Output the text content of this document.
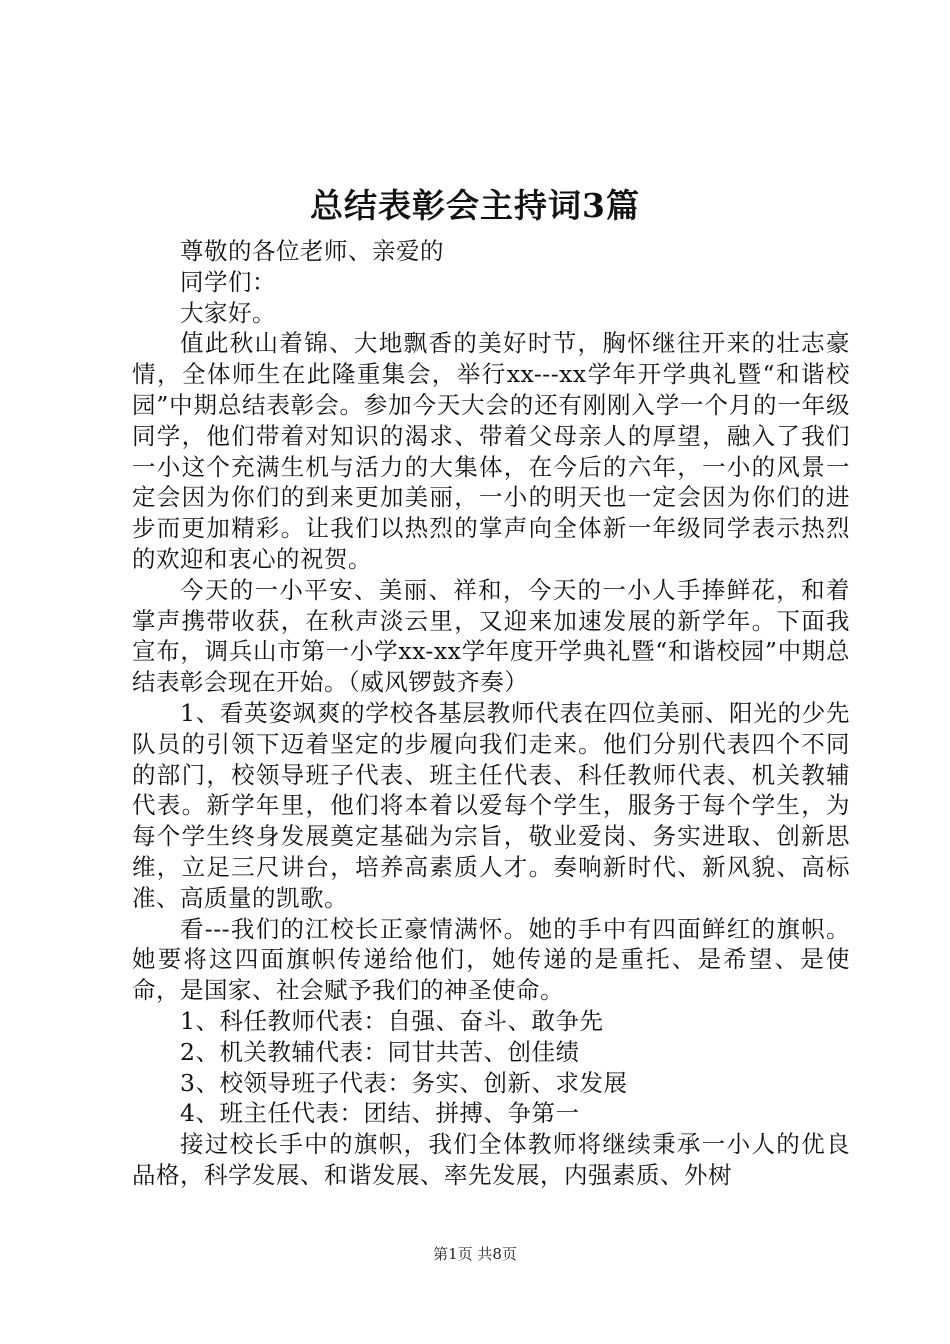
总结表彰会主持词3篇

尊敬的各位老师、亲爱的

同学们：

大家好。

值此秋山着锦、大地飘香的美好时节，胸怀继往开来的壮志豪情，全体师生在此隆重集会，举行xx---xx学年开学典礼暨“和谐校园”中期总结表彰会。参加今天大会的还有刚刚入学一个月的一年级同学，他们带着对知识的渴求、带着父母亲人的厚望，融入了我们一小这个充满生机与活力的大集体，在今后的六年，一小的风景一定会因为你们的到来更加美丽，一小的明天也一定会因为你们的进步而更加精彩。让我们以热烈的掌声向全体新一年级同学表示热烈的欢迎和衷心的祝贺。

今天的一小平安、美丽、祥和，今天的一小人手捧鲜花，和着掌声携带收获，在秋声淡云里，又迎来加速发展的新学年。下面我宣布，调兵山市第一小学xx-xx学年度开学典礼暨“和谐校园”中期总结表彰会现在开始。（威风锣鼓齐奏）

1、看英姿飒爽的学校各基层教师代表在四位美丽、阳光的少先队员的引领下迈着坚定的步履向我们走来。他们分别代表四个不同的部门，校领导班子代表、班主任代表、科任教师代表、机关教辅代表。新学年里，他们将本着以爱每个学生，服务于每个学生，为每个学生终身发展奠定基础为宗旨，敬业爱岗、务实进取、创新思维，立足三尺讲台，培养高素质人才。奏响新时代、新风貌、高标准、高质量的凯歌。

看---我们的江校长正豪情满怀。她的手中有四面鲜红的旗帜。她要将这四面旗帜传递给他们，她传递的是重托、是希望、是使命，是国家、社会赋予我们的神圣使命。

1、科任教师代表：自强、奋斗、敢争先

2、机关教辅代表：同甘共苦、创佳绩

3、校领导班子代表：务实、创新、求发展

4、班主任代表：团结、拼搏、争第一

接过校长手中的旗帜，我们全体教师将继续秉承一小人的优良品格，科学发展、和谐发展、率先发展，内强素质、外树

第1页 共8页
